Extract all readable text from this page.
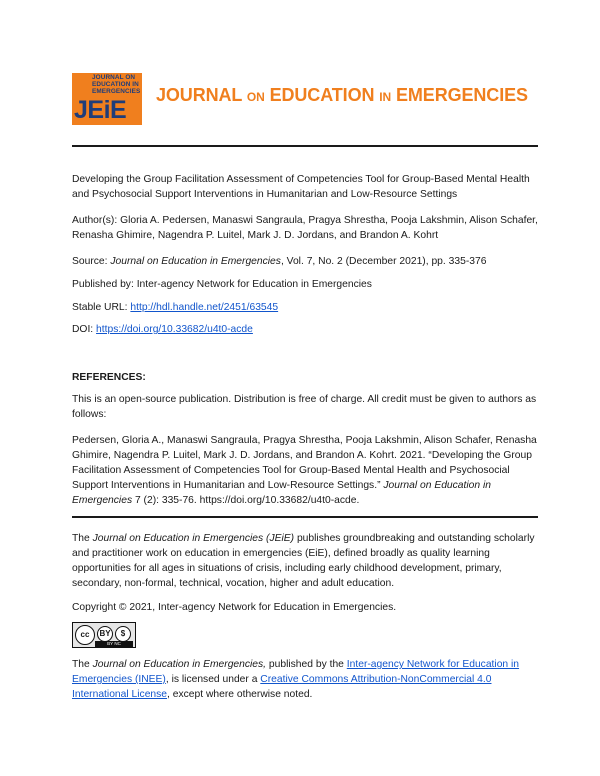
JOURNAL ON
EDUCATION IN
EMERGENCIES
JEiE
JOURNAL ON EDUCATION IN EMERGENCIES
Developing the Group Facilitation Assessment of Competencies Tool for Group-Based Mental Health and Psychosocial Support Interventions in Humanitarian and Low-Resource Settings
Author(s): Gloria A. Pedersen, Manaswi Sangraula, Pragya Shrestha, Pooja Lakshmin, Alison Schafer, Renasha Ghimire, Nagendra P. Luitel, Mark J. D. Jordans, and Brandon A. Kohrt
Source: Journal on Education in Emergencies, Vol. 7, No. 2 (December 2021), pp. 335-376
Published by: Inter-agency Network for Education in Emergencies
Stable URL: http://hdl.handle.net/2451/63545
DOI: https://doi.org/10.33682/u4t0-acde
REFERENCES:
This is an open-source publication. Distribution is free of charge. All credit must be given to authors as follows:
Pedersen, Gloria A., Manaswi Sangraula, Pragya Shrestha, Pooja Lakshmin, Alison Schafer, Renasha Ghimire, Nagendra P. Luitel, Mark J. D. Jordans, and Brandon A. Kohrt. 2021. “Developing the Group Facilitation Assessment of Competencies Tool for Group-Based Mental Health and Psychosocial Support Interventions in Humanitarian and Low-Resource Settings.” Journal on Education in Emergencies 7 (2): 335-76. https://doi.org/10.33682/u4t0-acde.
The Journal on Education in Emergencies (JEiE) publishes groundbreaking and outstanding scholarly and practitioner work on education in emergencies (EiE), defined broadly as quality learning opportunities for all ages in situations of crisis, including early childhood development, primary, secondary, non-formal, technical, vocation, higher and adult education.
Copyright © 2021, Inter-agency Network for Education in Emergencies.
cc	BY	$
BY NC
The Journal on Education in Emergencies, published by the Inter-agency Network for Education in Emergencies (INEE), is licensed under a Creative Commons Attribution-NonCommercial 4.0 International License, except where otherwise noted.
